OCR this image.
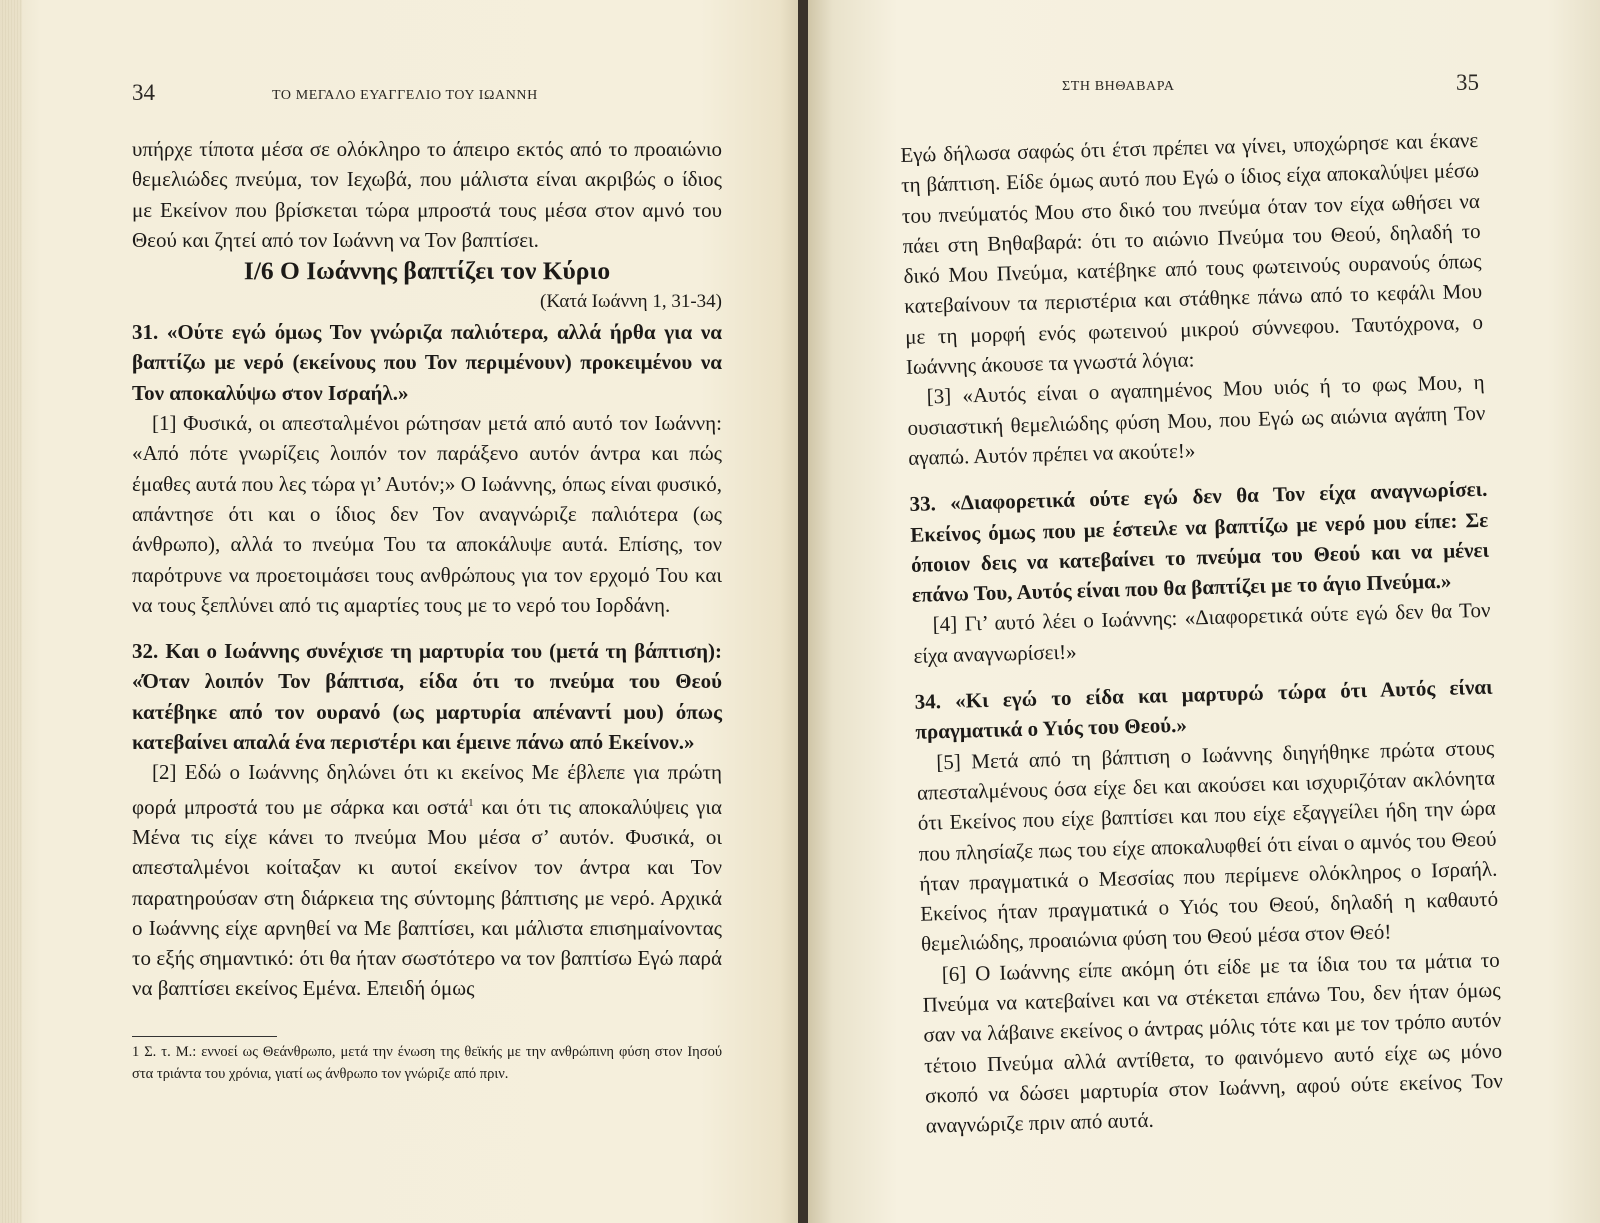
34	ΤΟ ΜΕΓΑΛΟ ΕΥΑΓΓΕΛΙΟ ΤΟΥ ΙΩΑΝΝΗ

υπήρχε τίποτα μέσα σε ολόκληρο το άπειρο εκτός από το προαιώνιο θεμελιώδες πνεύμα, τον Ιεχωβά, που μάλιστα είναι ακριβώς ο ίδιος με Εκείνον που βρίσκεται τώρα μπροστά τους μέσα στον αμνό του Θεού και ζητεί από τον Ιωάννη να Τον βαπτίσει.

Ι/6 Ο Ιωάννης βαπτίζει τον Κύριο

(Κατά Ιωάννη 1, 31-34)

31. «Ούτε εγώ όμως Τον γνώριζα παλιότερα, αλλά ήρθα για να βαπτίζω με νερό (εκείνους που Τον περιμένουν) προκειμένου να Τον αποκαλύψω στον Ισραήλ.»

[1] Φυσικά, οι απεσταλμένοι ρώτησαν μετά από αυτό τον Ιωάννη: «Από πότε γνωρίζεις λοιπόν τον παράξενο αυτόν άντρα και πώς έμαθες αυτά που λες τώρα γι’ Αυτόν;» Ο Ιωάννης, όπως είναι φυσικό, απάντησε ότι και ο ίδιος δεν Τον αναγνώριζε παλιότερα (ως άνθρωπο), αλλά το πνεύμα Του τα αποκάλυψε αυτά. Επίσης, τον παρότρυνε να προετοιμάσει τους ανθρώπους για τον ερχομό Του και να τους ξεπλύνει από τις αμαρτίες τους με το νερό του Ιορδάνη.

32. Και ο Ιωάννης συνέχισε τη μαρτυρία του (μετά τη βάπτιση): «Όταν λοιπόν Τον βάπτισα, είδα ότι το πνεύμα του Θεού κατέβηκε από τον ουρανό (ως μαρτυρία απέναντί μου) όπως κατεβαίνει απαλά ένα περιστέρι και έμεινε πάνω από Εκείνον.»

[2] Εδώ ο Ιωάννης δηλώνει ότι κι εκείνος Με έβλεπε για πρώτη φορά μπροστά του με σάρκα και οστά$^1$ και ότι τις αποκαλύψεις για Μένα τις είχε κάνει το πνεύμα Μου μέσα σ’ αυτόν. Φυσικά, οι απεσταλμένοι κοίταξαν κι αυτοί εκείνον τον άντρα και Τον παρατηρούσαν στη διάρκεια της σύντομης βάπτισης με νερό. Αρχικά ο Ιωάννης είχε αρνηθεί να Με βαπτίσει, και μάλιστα επισημαίνοντας το εξής σημαντικό: ότι θα ήταν σωστότερο να τον βαπτίσω Εγώ παρά να βαπτίσει εκείνος Εμένα. Επειδή όμως

1 Σ. τ. Μ.: εννοεί ως Θεάνθρωπο, μετά την ένωση της θεϊκής με την ανθρώπινη φύση στον Ιησού στα τριάντα του χρόνια, γιατί ως άνθρωπο τον γνώριζε από πριν.
ΣΤΗ ΒΗΘΑΒΑΡΑ	35

Εγώ δήλωσα σαφώς ότι έτσι πρέπει να γίνει, υποχώρησε και έκανε τη βάπτιση. Είδε όμως αυτό που Εγώ ο ίδιος είχα αποκαλύψει μέσω του πνεύματός Μου στο δικό του πνεύμα όταν τον είχα ωθήσει να πάει στη Βηθαβαρά: ότι το αιώνιο Πνεύμα του Θεού, δηλαδή το δικό Μου Πνεύμα, κατέβηκε από τους φωτεινούς ουρανούς όπως κατεβαίνουν τα περιστέρια και στάθηκε πάνω από το κεφάλι Μου με τη μορφή ενός φωτεινού μικρού σύννεφου. Ταυτόχρονα, ο Ιωάννης άκουσε τα γνωστά λόγια:

[3] «Αυτός είναι ο αγαπημένος Μου υιός ή το φως Μου, η ουσιαστική θεμελιώδης φύση Μου, που Εγώ ως αιώνια αγάπη Τον αγαπώ. Αυτόν πρέπει να ακούτε!»

33. «Διαφορετικά ούτε εγώ δεν θα Τον είχα αναγνωρίσει. Εκείνος όμως που με έστειλε να βαπτίζω με νερό μου είπε: Σε όποιον δεις να κατεβαίνει το πνεύμα του Θεού και να μένει επάνω Του, Αυτός είναι που θα βαπτίζει με το άγιο Πνεύμα.»

[4] Γι’ αυτό λέει ο Ιωάννης: «Διαφορετικά ούτε εγώ δεν θα Τον είχα αναγνωρίσει!»

34. «Κι εγώ το είδα και μαρτυρώ τώρα ότι Αυτός είναι πραγματικά ο Υιός του Θεού.»

[5] Μετά από τη βάπτιση ο Ιωάννης διηγήθηκε πρώτα στους απεσταλμένους όσα είχε δει και ακούσει και ισχυριζόταν ακλόνητα ότι Εκείνος που είχε βαπτίσει και που είχε εξαγγείλει ήδη την ώρα που πλησίαζε πως του είχε αποκαλυφθεί ότι είναι ο αμνός του Θεού ήταν πραγματικά ο Μεσσίας που περίμενε ολόκληρος ο Ισραήλ. Εκείνος ήταν πραγματικά ο Υιός του Θεού, δηλαδή η καθαυτό θεμελιώδης, προαιώνια φύση του Θεού μέσα στον Θεό!

[6] Ο Ιωάννης είπε ακόμη ότι είδε με τα ίδια του τα μάτια το Πνεύμα να κατεβαίνει και να στέκεται επάνω Του, δεν ήταν όμως σαν να λάβαινε εκείνος ο άντρας μόλις τότε και με τον τρόπο αυτόν τέτοιο Πνεύμα αλλά αντίθετα, το φαινόμενο αυτό είχε ως μόνο σκοπό να δώσει μαρτυρία στον Ιωάννη, αφού ούτε εκείνος Τον αναγνώριζε πριν από αυτά.
